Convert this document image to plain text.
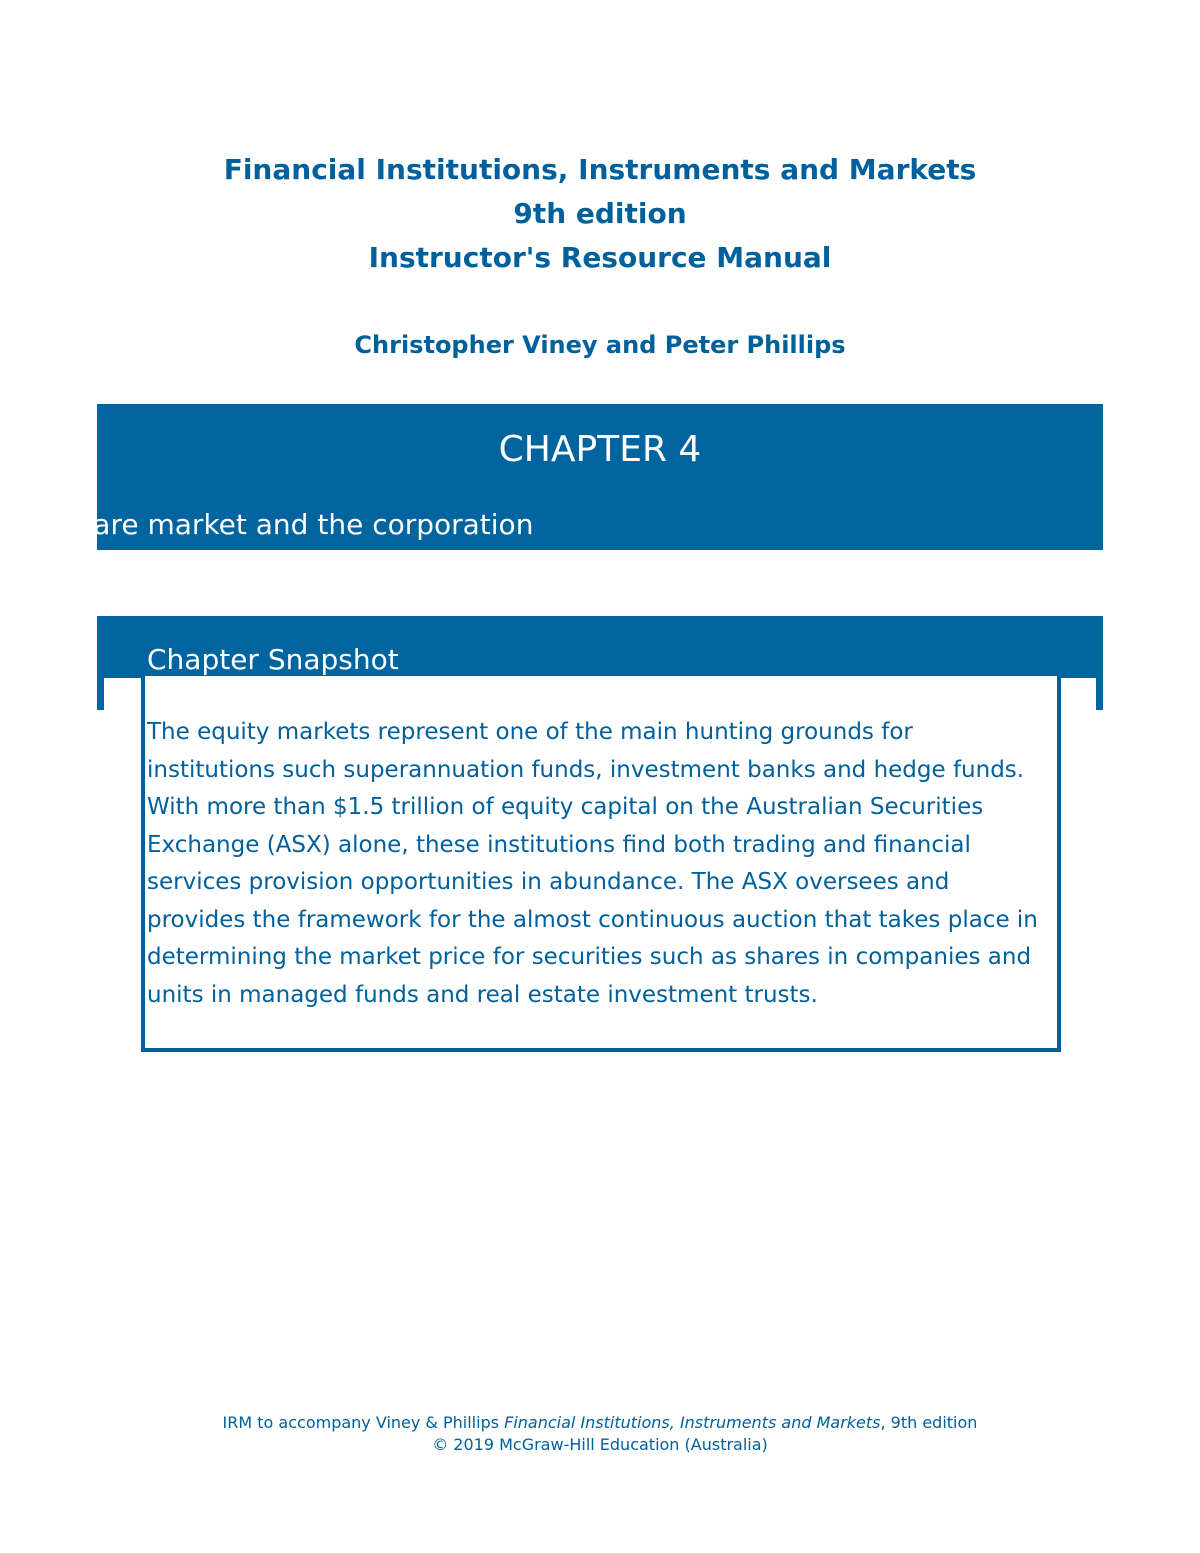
Financial Institutions, Instruments and Markets
9th edition
Instructor's Resource Manual
Christopher Viney and Peter Phillips
CHAPTER 4
The share market and the corporation
Chapter Snapshot
The equity markets represent one of the main hunting grounds for institutions such superannuation funds, investment banks and hedge funds. With more than $1.5 trillion of equity capital on the Australian Securities Exchange (ASX) alone, these institutions find both trading and financial services provision opportunities in abundance. The ASX oversees and provides the framework for the almost continuous auction that takes place in determining the market price for securities such as shares in companies and units in managed funds and real estate investment trusts.
IRM to accompany Viney & Phillips Financial Institutions, Instruments and Markets, 9th edition
© 2019 McGraw-Hill Education (Australia)
